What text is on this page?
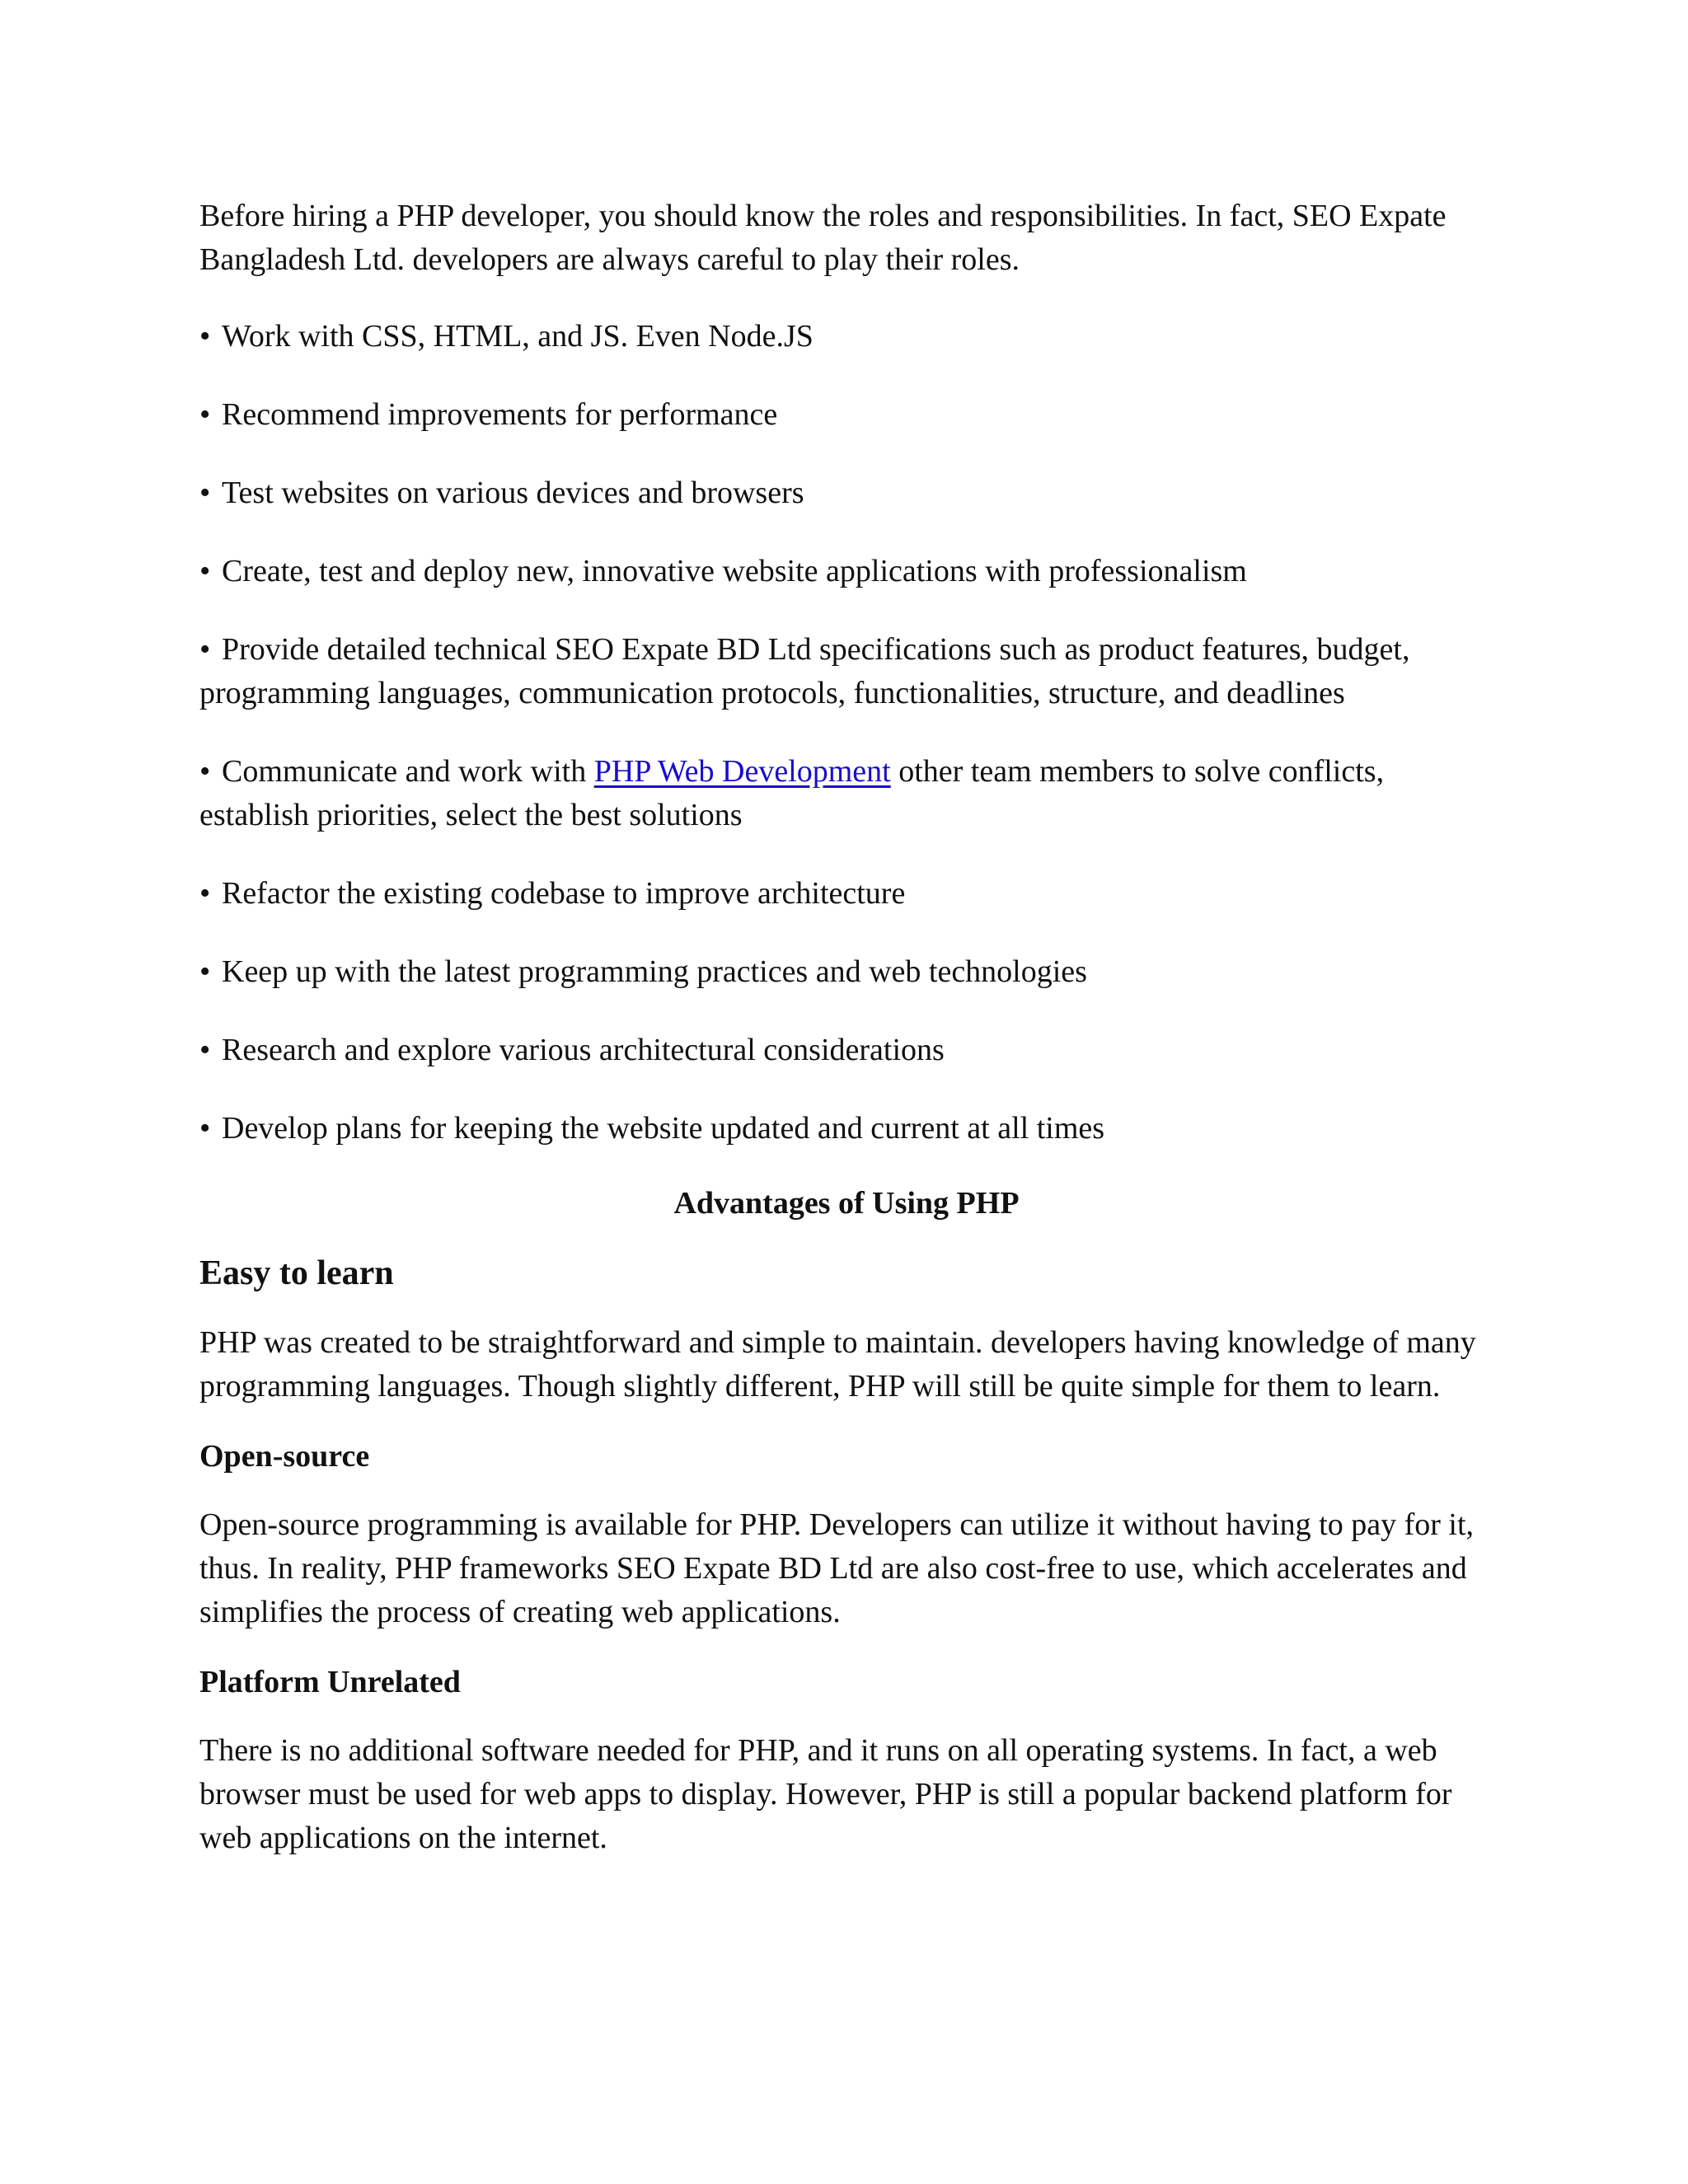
Before hiring a PHP developer, you should know the roles and responsibilities. In fact, SEO Expate Bangladesh Ltd. developers are always careful to play their roles.

• Work with CSS, HTML, and JS. Even Node.JS

• Recommend improvements for performance

• Test websites on various devices and browsers

• Create, test and deploy new, innovative website applications with professionalism

• Provide detailed technical SEO Expate BD Ltd specifications such as product features, budget, programming languages, communication protocols, functionalities, structure, and deadlines

• Communicate and work with PHP Web Development other team members to solve conflicts, establish priorities, select the best solutions

• Refactor the existing codebase to improve architecture

• Keep up with the latest programming practices and web technologies

• Research and explore various architectural considerations

• Develop plans for keeping the website updated and current at all times

Advantages of Using PHP

Easy to learn

PHP was created to be straightforward and simple to maintain. developers having knowledge of many programming languages. Though slightly different, PHP will still be quite simple for them to learn.

Open-source

Open-source programming is available for PHP. Developers can utilize it without having to pay for it, thus. In reality, PHP frameworks SEO Expate BD Ltd are also cost-free to use, which accelerates and simplifies the process of creating web applications.

Platform Unrelated

There is no additional software needed for PHP, and it runs on all operating systems. In fact, a web browser must be used for web apps to display. However, PHP is still a popular backend platform for web applications on the internet.
